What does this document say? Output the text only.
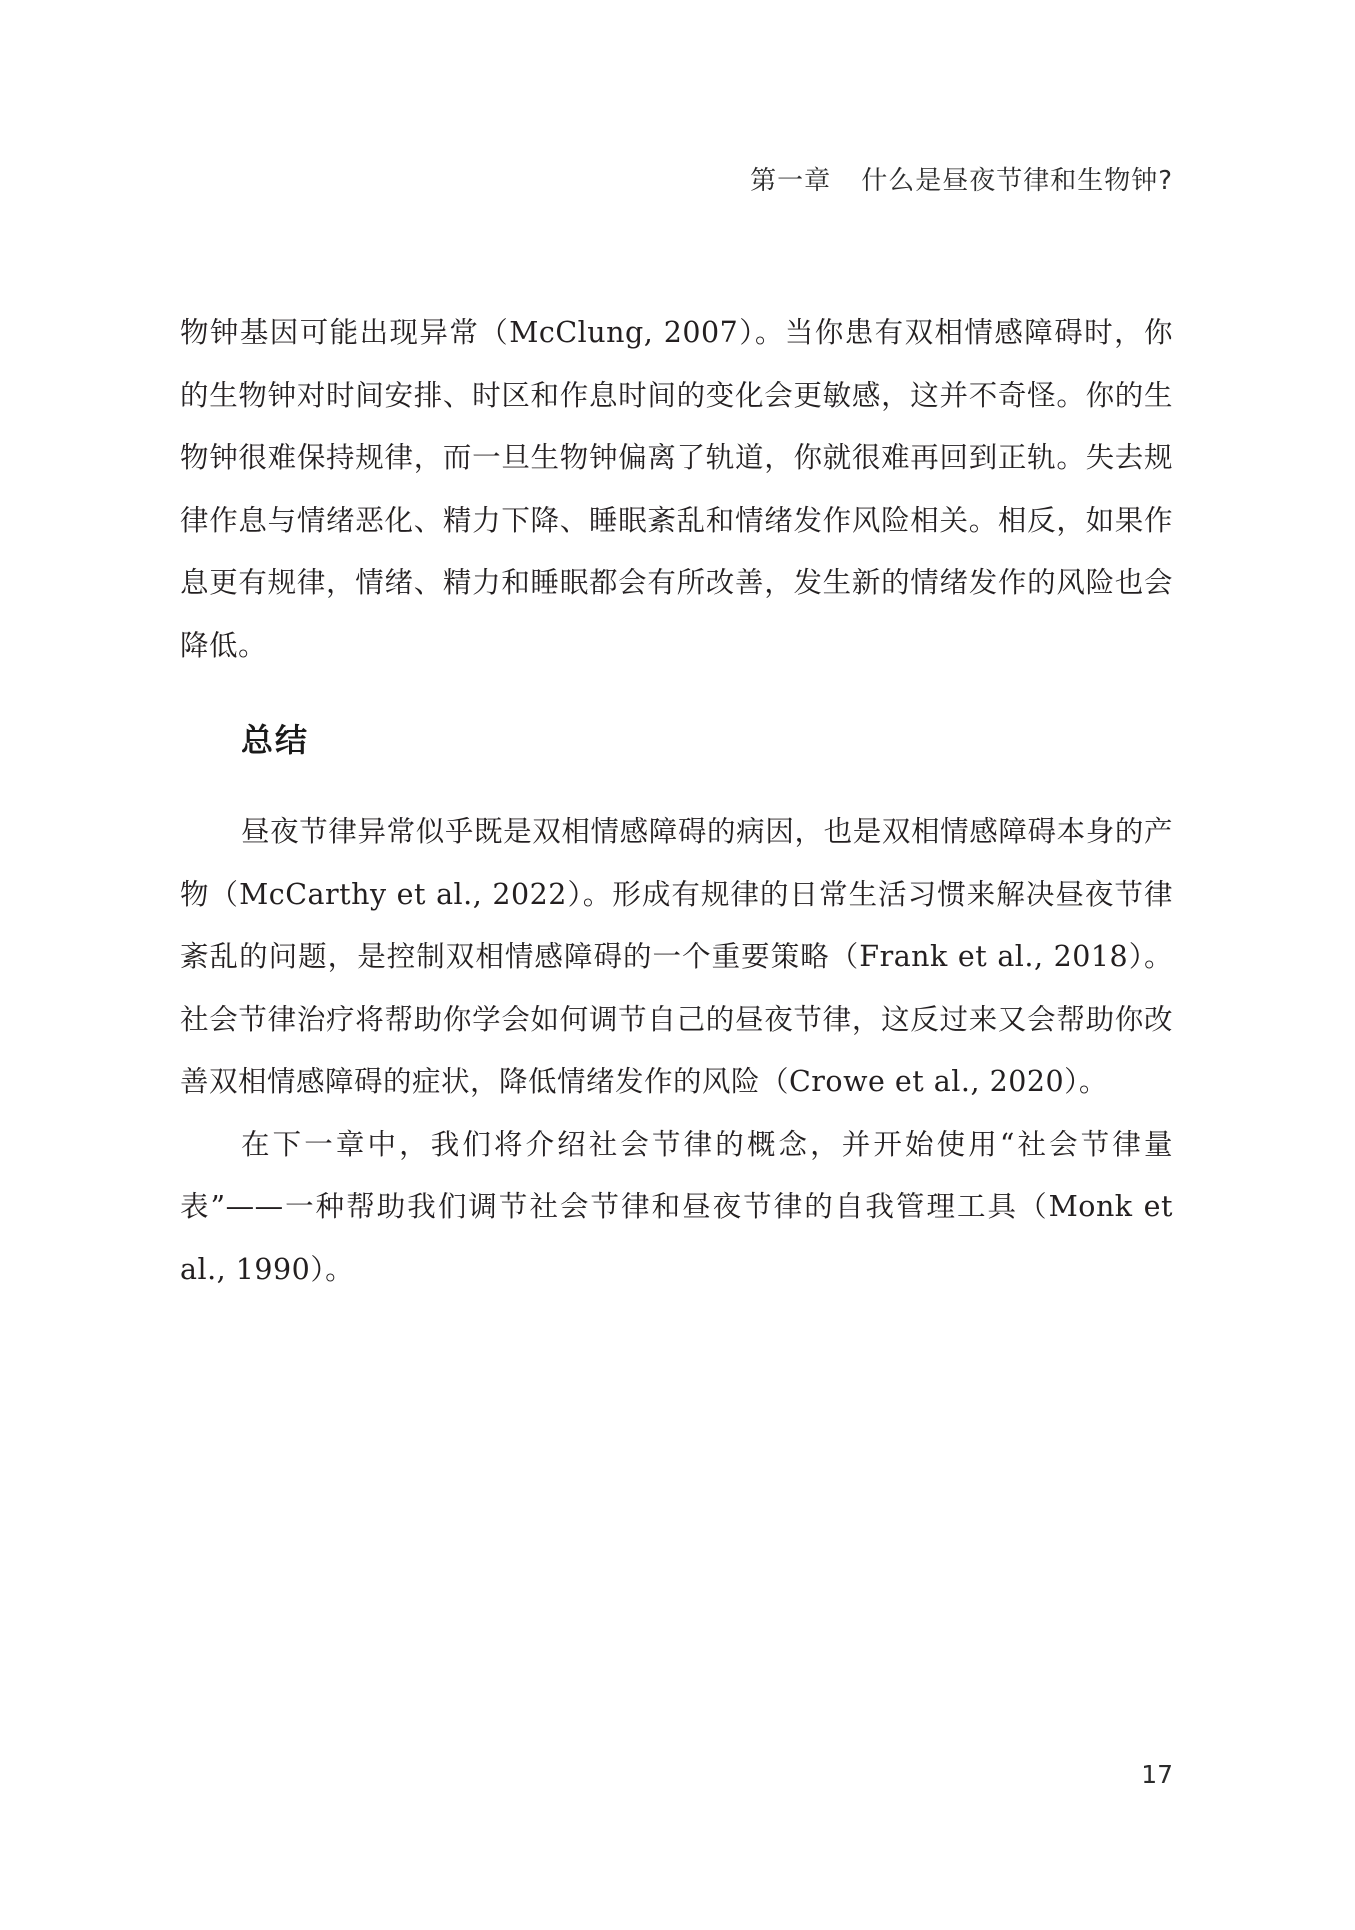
第一章 什么是昼夜节律和生物钟?

物钟基因可能出现异常（McClung, 2007）。当你患有双相情感障碍时，你的生物钟对时间安排、时区和作息时间的变化会更敏感，这并不奇怪。你的生物钟很难保持规律，而一旦生物钟偏离了轨道，你就很难再回到正轨。失去规律作息与情绪恶化、精力下降、睡眠紊乱和情绪发作风险相关。相反，如果作息更有规律，情绪、精力和睡眠都会有所改善，发生新的情绪发作的风险也会降低。

总结

昼夜节律异常似乎既是双相情感障碍的病因，也是双相情感障碍本身的产物（McCarthy et al., 2022）。形成有规律的日常生活习惯来解决昼夜节律紊乱的问题，是控制双相情感障碍的一个重要策略（Frank et al., 2018）。社会节律治疗将帮助你学会如何调节自己的昼夜节律，这反过来又会帮助你改善双相情感障碍的症状，降低情绪发作的风险（Crowe et al., 2020）。

在下一章中，我们将介绍社会节律的概念，并开始使用“社会节律量表”——一种帮助我们调节社会节律和昼夜节律的自我管理工具（Monk et al., 1990）。

17
